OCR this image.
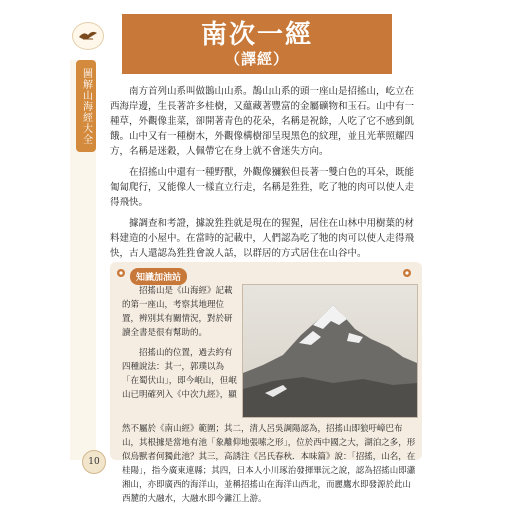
圖解山海經大全
10
南次一經
（譯經）

南方首列山系叫做鵲山山系。鵲山山系的頭一座山是招搖山，屹立在西海岸邊，生長著許多桂樹，又蘊藏著豐富的金屬礦物和玉石。山中有一種草，外觀像韭菜，卻開著青色的花朵，名稱是祝餘，人吃了它不感到飢餓。山中又有一種樹木，外觀像構樹卻呈現黑色的紋理，並且光華照耀四方，名稱是迷穀，人佩帶它在身上就不會迷失方向。

在招搖山中還有一種野獸，外觀像獼猴但長著一雙白色的耳朵，既能匍匐爬行，又能像人一樣直立行走，名稱是狌狌，吃了牠的肉可以使人走得飛快。

據調查和考證，據說狌狌就是現在的猩猩，居住在山林中用樹葉的材料建造的小屋中。在當時的記載中，人們認為吃了牠的肉可以使人走得飛快，古人還認為狌狌會說人話，以群居的方式居住在山谷中。

知識加油站

招搖山是《山海經》記載的第一座山，考察其地理位置，辨別其有關情況，對於研讀全書是很有幫助的。

招搖山的位置，過去約有四種說法：其一，郭璞以為「在蜀伏山」，即今岷山，但岷山已明確列入《中次九經》，顯

然不屬於《南山經》範圍；其二，清人呂吳調陽認為，招搖山即狼吁嶂巴布山，其根據是當地有池「象離仰地張嗦之形」，位於西中國之大，湖泊之多，形似烏獸者何獨此池？其三，高誘注《呂氏春秋．本味篇》說：「招搖，山名，在桂陽」，指今廣東連縣；其四，日本人小川琢治發揮畢沅之說，認為招搖山即瀟湘山，亦即廣西的海洋山，並稱招搖山在海洋山西北，而麗鷹水即發源於此山西麓的大融水，大融水即今灕江上游。
